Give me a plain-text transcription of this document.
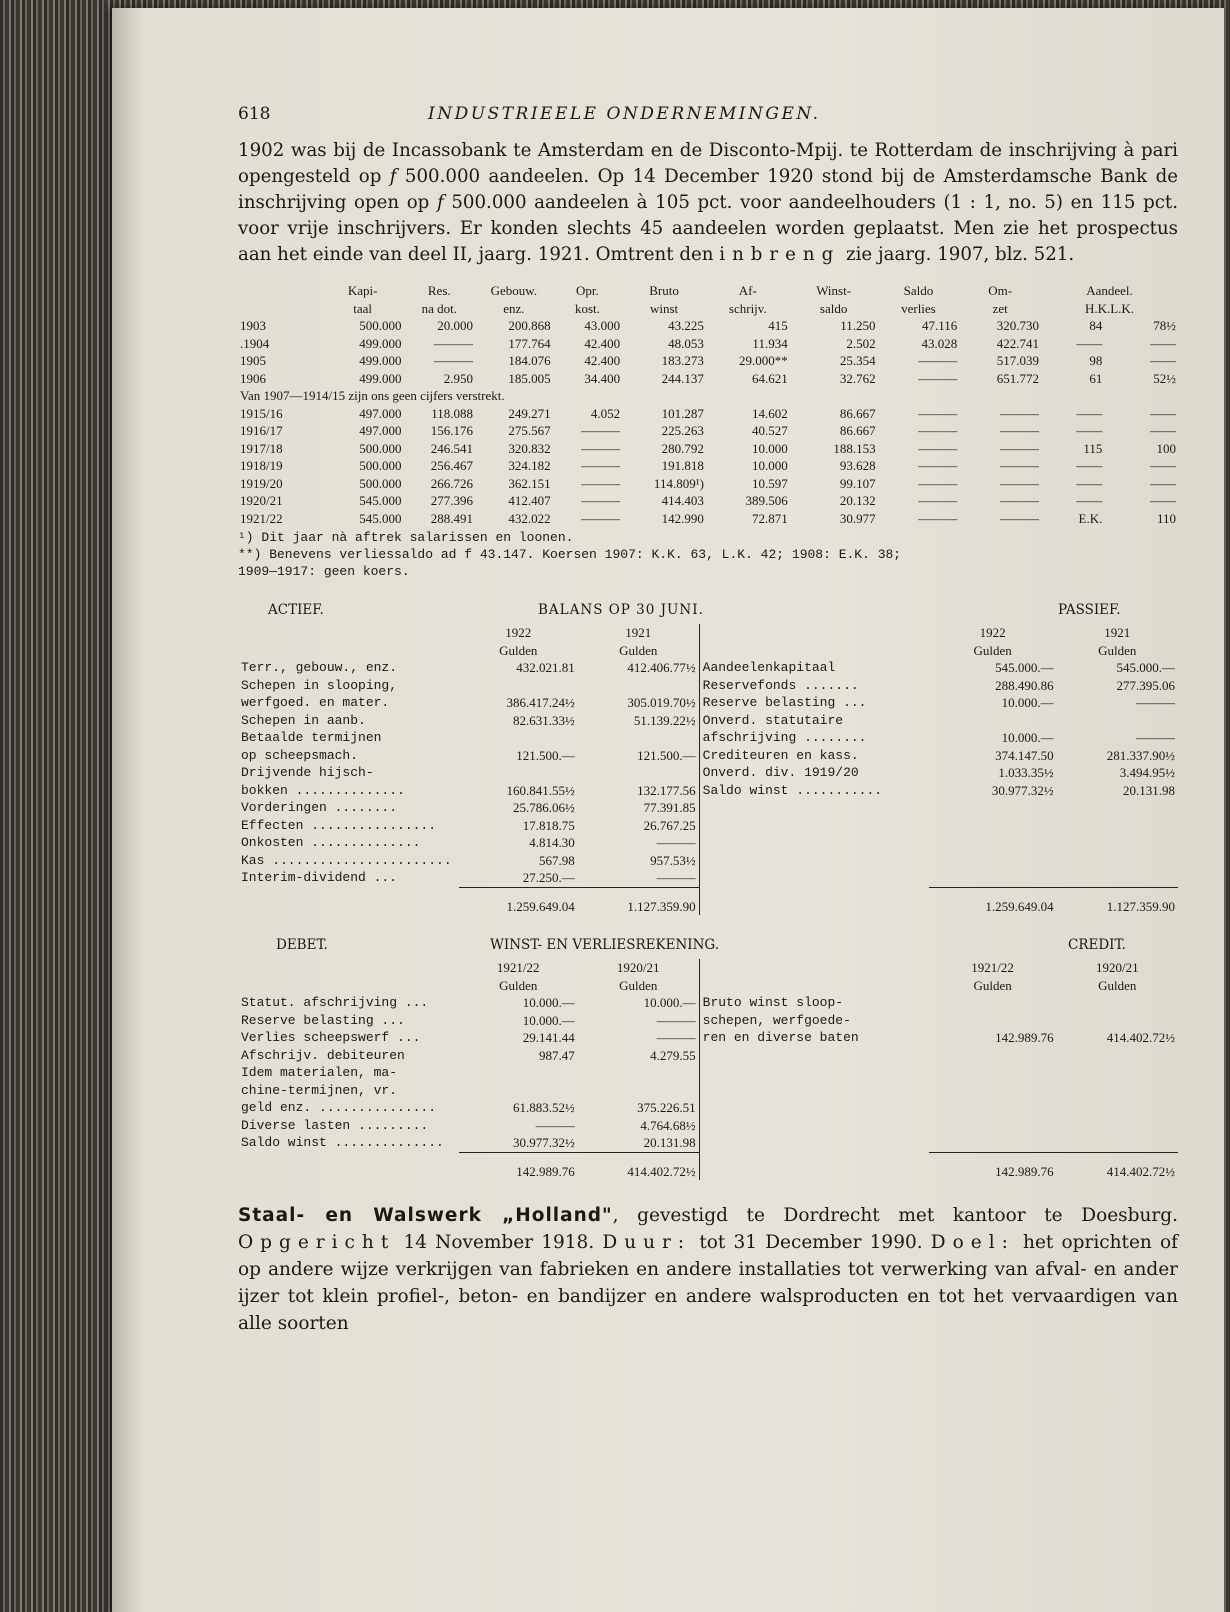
618	INDUSTRIEELE ONDERNEMINGEN.

1902 was bij de Incassobank te Amsterdam en de Disconto-Mpij. te Rotterdam de inschrijving à pari opengesteld op f 500.000 aandeelen. Op 14 December 1920 stond bij de Amsterdamsche Bank de inschrijving open op f 500.000 aandeelen à 105 pct. voor aandeelhouders (1 : 1, no. 5) en 115 pct. voor vrije inschrijvers. Er konden slechts 45 aandeelen worden geplaatst. Men zie het prospectus aan het einde van deel II, jaarg. 1921. Omtrent den inbreng zie jaarg. 1907, blz. 521.

	Kapi-	Res.	Gebouw.	Opr.	Bruto	Af-	Winst-	Saldo	Om-	Aandeel.	
	taal	na dot.	enz.	kost.	winst	schrijv.	saldo	verlies	zet	H.K.L.K.	
1903	500.000	20.000	200.868	43.000	43.225	415	11.250	47.116	320.730	84	78½
.1904	499.000	———	177.764	42.400	48.053	11.934	2.502	43.028	422.741	——	——
1905	499.000	———	184.076	42.400	183.273	29.000**	25.354	———	517.039	98	——
1906	499.000	2.950	185.005	34.400	244.137	64.621	32.762	———	651.772	61	52½
Van 1907—1914/15 zijn ons geen cijfers verstrekt.											
1915/16	497.000	118.088	249.271	4.052	101.287	14.602	86.667	———	———	——	——
1916/17	497.000	156.176	275.567	———	225.263	40.527	86.667	———	———	——	——
1917/18	500.000	246.541	320.832	———	280.792	10.000	188.153	———	———	115	100
1918/19	500.000	256.467	324.182	———	191.818	10.000	93.628	———	———	——	——
1919/20	500.000	266.726	362.151	———	114.809¹)	10.597	99.107	———	———	——	——
1920/21	545.000	277.396	412.407	———	414.403	389.506	20.132	———	———	——	——
1921/22	545.000	288.491	432.022	———	142.990	72.871	30.977	———	———	E.K.	110
¹) Dit jaar nà aftrek salarissen en loonen.
**) Benevens verliessaldo ad f 43.147. Koersen 1907: K.K. 63, L.K. 42; 1908: E.K. 38;
1909—1917: geen koers.
ACTIEF.	BALANS OP 30 JUNI.	PASSIEF.
	1922	1921		1922	1921
	Gulden	Gulden		Gulden	Gulden
Terr., gebouw., enz.	432.021.81	412.406.77½	Aandeelenkapitaal	545.000.—	545.000.—
Schepen in slooping,			Reservefonds .......	288.490.86	277.395.06
werfgoed. en mater.	386.417.24½	305.019.70½	Reserve belasting ...	10.000.—	———
Schepen in aanb.	82.631.33½	51.139.22½	Onverd. statutaire		
Betaalde termijnen			afschrijving ........	10.000.—	———
op scheepsmach.	121.500.—	121.500.—	Crediteuren en kass.	374.147.50	281.337.90½
Drijvende hijsch-			Onverd. div. 1919/20	1.033.35½	3.494.95½
bokken ..............	160.841.55½	132.177.56	Saldo winst ...........	30.977.32½	20.131.98
Vorderingen ........	25.786.06½	77.391.85			
Effecten ................	17.818.75	26.767.25			
Onkosten ..............	4.814.30	———			
Kas .......................	567.98	957.53½			
Interim-dividend ...	27.250.—	———			
	1.259.649.04	1.127.359.90		1.259.649.04	1.127.359.90
DEBET.	WINST- EN VERLIESREKENING.	CREDIT.
	1921/22	1920/21		1921/22	1920/21
	Gulden	Gulden		Gulden	Gulden
Statut. afschrijving ...	10.000.—	10.000.—	Bruto winst sloop-		
Reserve belasting ...	10.000.—	———	schepen, werfgoede-		
Verlies scheepswerf ...	29.141.44	———	ren en diverse baten	142.989.76	414.402.72½
Afschrijv. debiteuren	987.47	4.279.55			
Idem materialen, ma-					
chine-termijnen, vr.					
geld enz. ...............	61.883.52½	375.226.51			
Diverse lasten .........	———	4.764.68½			
Saldo winst ..............	30.977.32½	20.131.98			
	142.989.76	414.402.72½		142.989.76	414.402.72½

Staal- en Walswerk „Holland", gevestigd te Dordrecht met kantoor te Doesburg. Opgericht 14 November 1918. Duur: tot 31 December 1990. Doel: het oprichten of op andere wijze verkrijgen van fabrieken en andere installaties tot verwerking van afval- en ander ijzer tot klein profiel-, beton- en bandijzer en andere walsproducten en tot het vervaardigen van alle soorten
